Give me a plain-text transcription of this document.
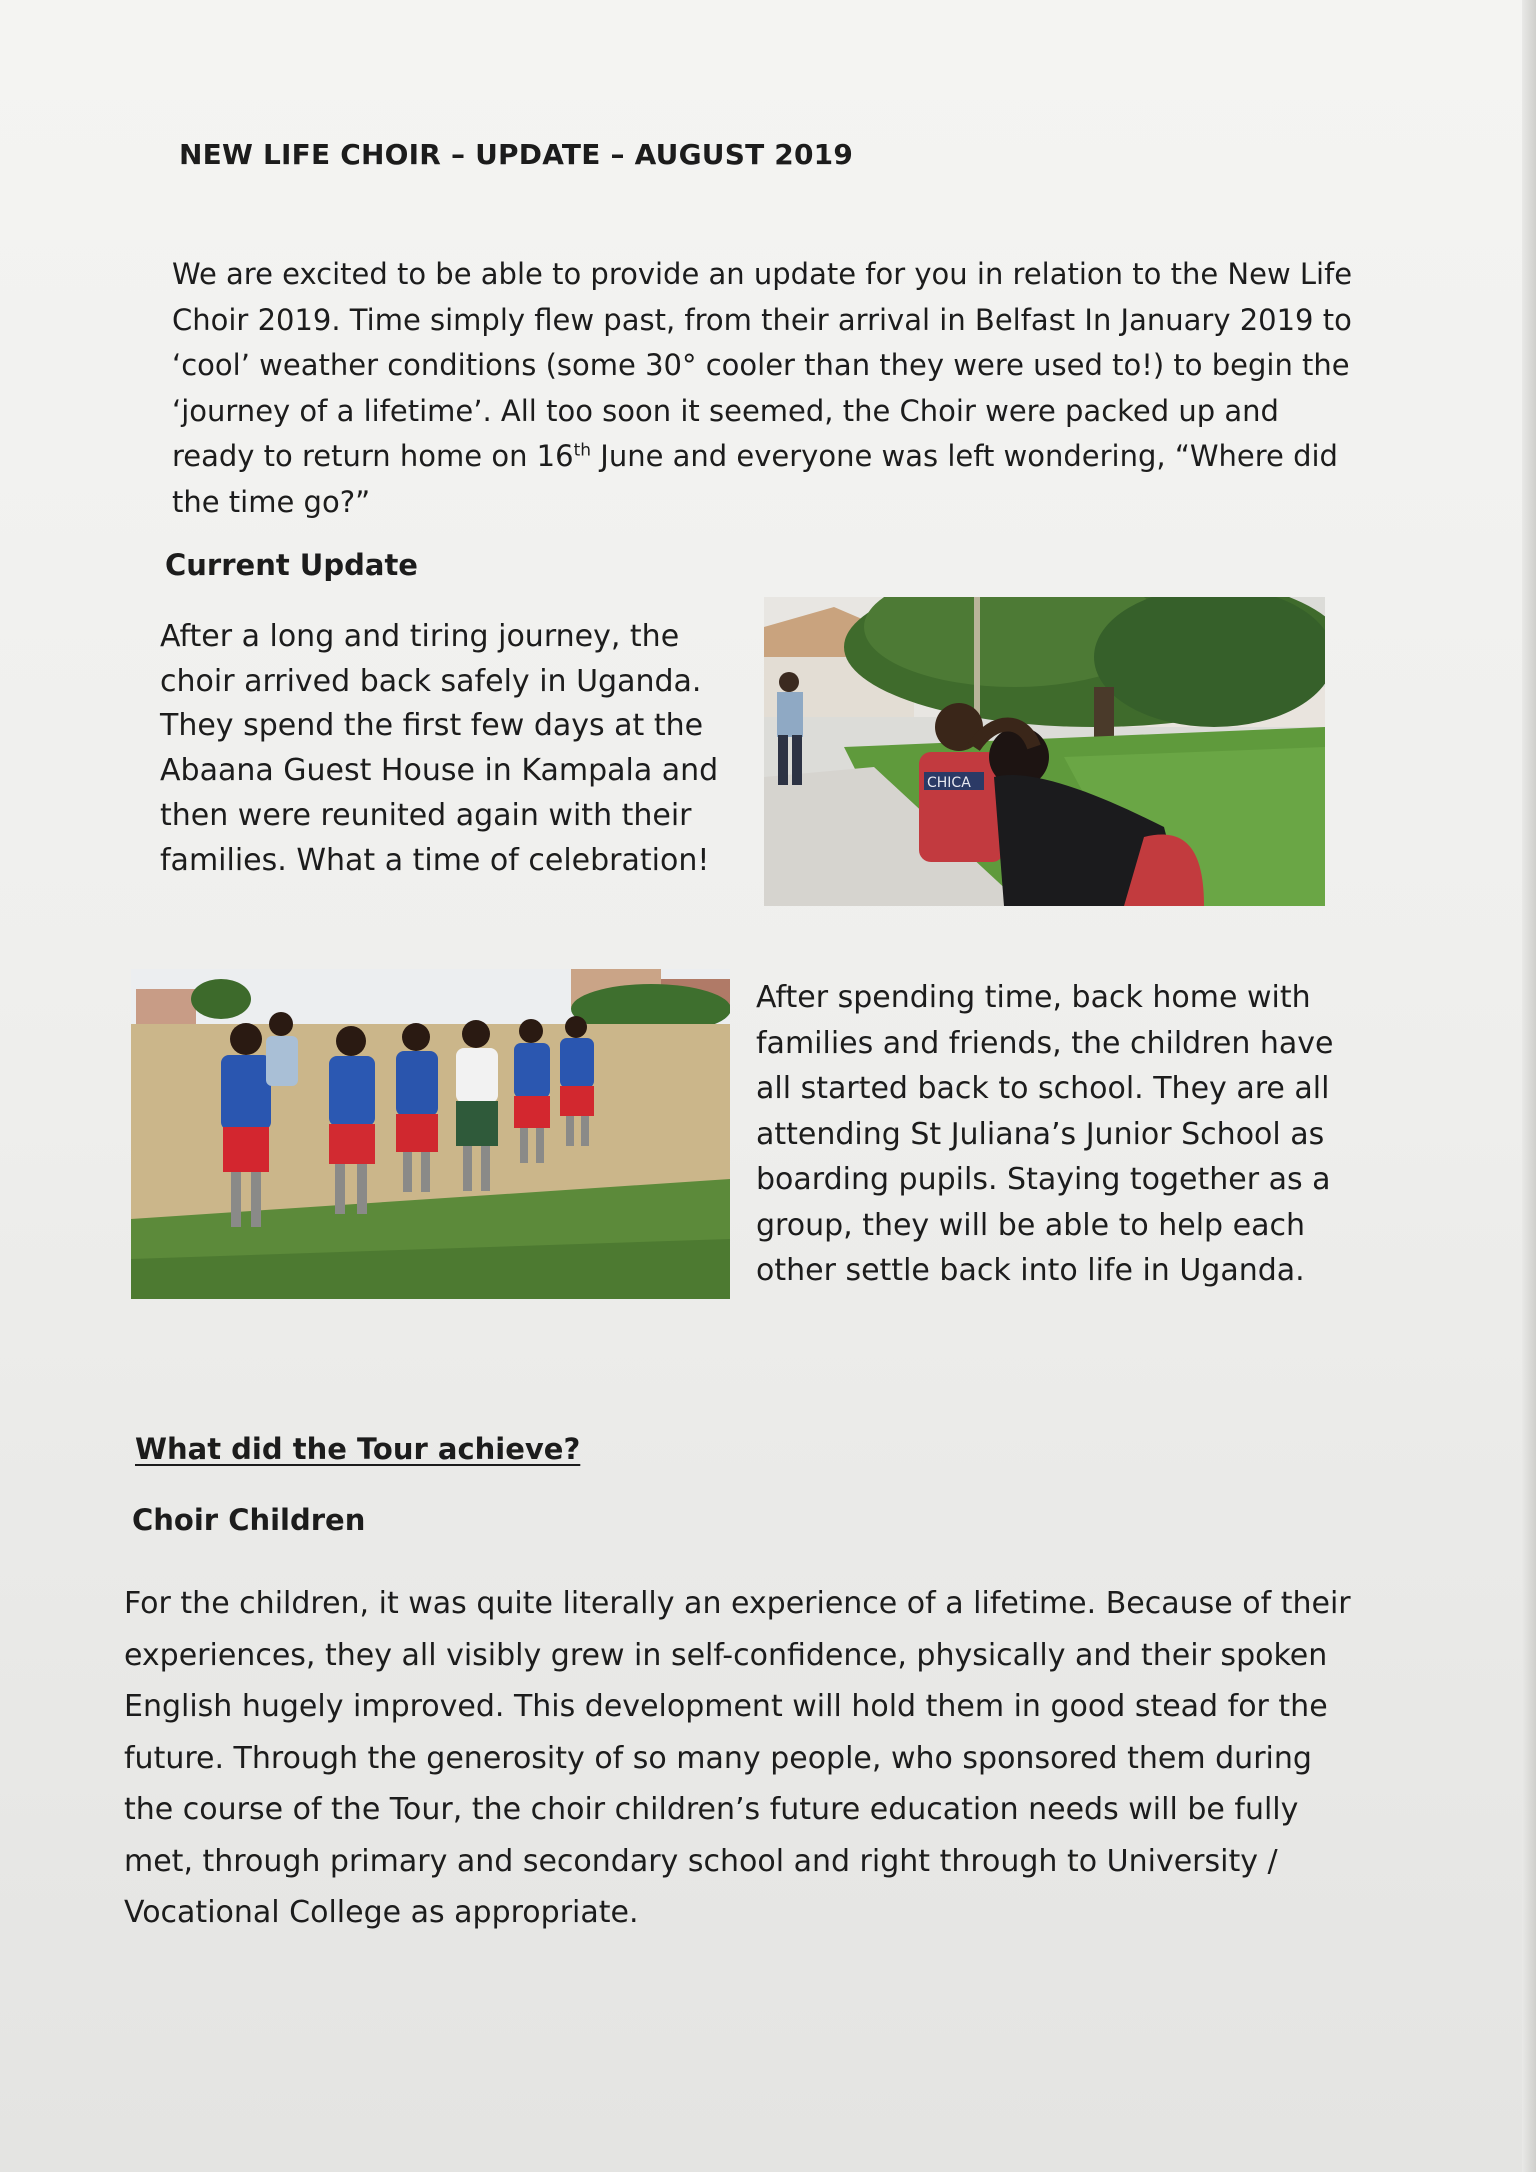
NEW LIFE CHOIR – UPDATE – AUGUST 2019

We are excited to be able to provide an update for you in relation to the New Life Choir 2019. Time simply flew past, from their arrival in Belfast In January 2019 to ‘cool’ weather conditions (some 30° cooler than they were used to!) to begin the ‘journey of a lifetime’. All too soon it seemed, the Choir were packed up and ready to return home on 16th June and everyone was left wondering, “Where did the time go?”

Current Update

After a long and tiring journey, the choir arrived back safely in Uganda. They spend the first few days at the Abaana Guest House in Kampala and then were reunited again with their families. What a time of celebration!

CHICA

After spending time, back home with families and friends, the children have all started back to school. They are all attending St Juliana’s Junior School as boarding pupils. Staying together as a group, they will be able to help each other settle back into life in Uganda.

What did the Tour achieve?
Choir Children

For the children, it was quite literally an experience of a lifetime. Because of their experiences, they all visibly grew in self-confidence, physically and their spoken English hugely improved. This development will hold them in good stead for the future. Through the generosity of so many people, who sponsored them during the course of the Tour, the choir children’s future education needs will be fully met, through primary and secondary school and right through to University / Vocational College as appropriate.
